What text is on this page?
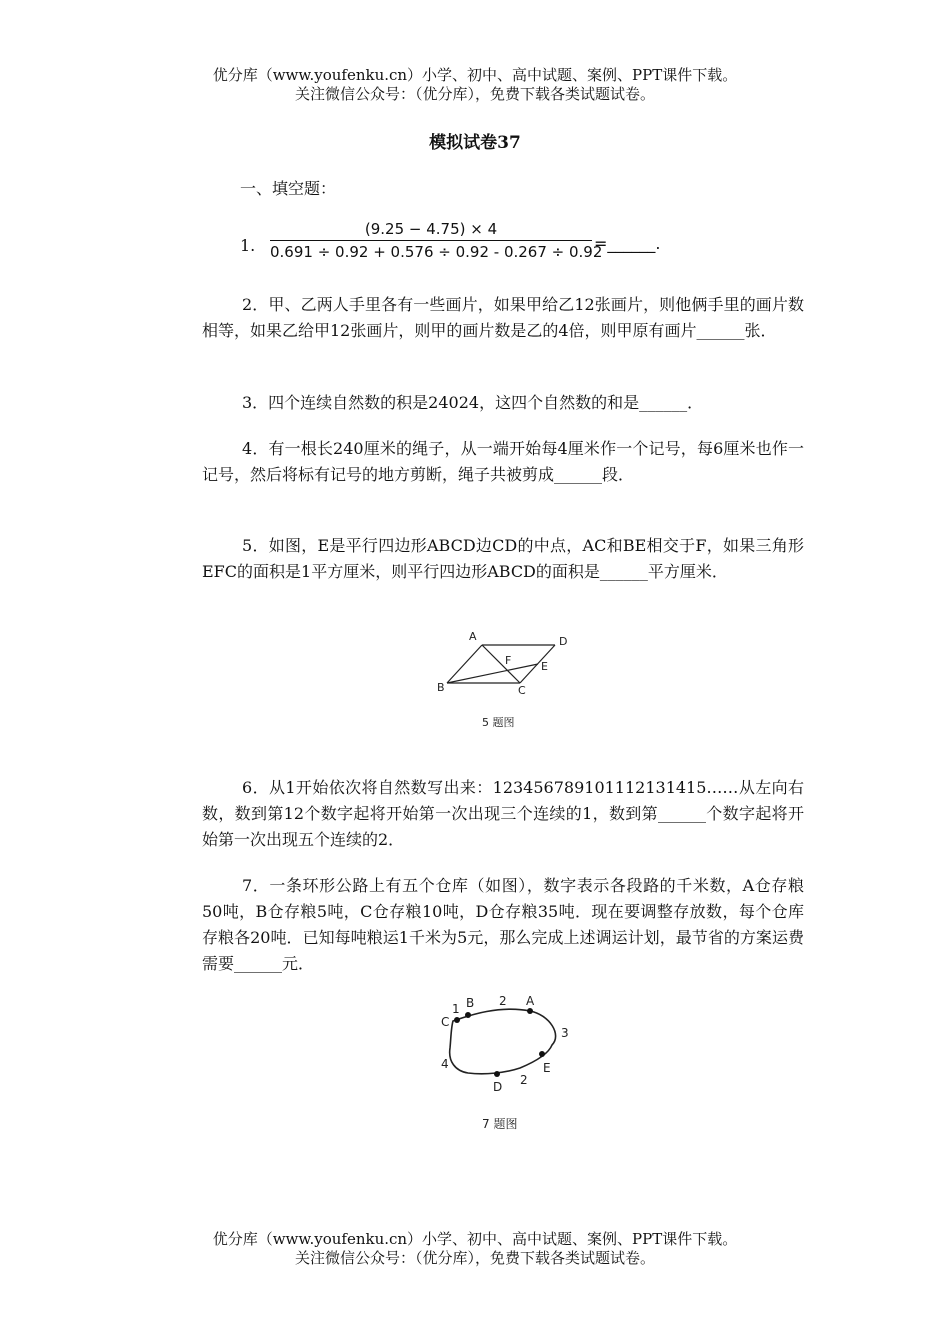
优分库（www.youfenku.cn）小学、初中、高中试题、案例、PPT课件下载。
关注微信公众号：（优分库），免费下载各类试题试卷。
模拟试卷37
一、填空题：
1.
(9.25 − 4.75) × 4
0.691 ÷ 0.92 + 0.576 ÷ 0.92 - 0.267 ÷ 0.92
=______.

2．甲、乙两人手里各有一些画片，如果甲给乙12张画片，则他俩手里的画片数相等，如果乙给甲12张画片，则甲的画片数是乙的4倍，则甲原有画片______张．

3．四个连续自然数的积是24024，这四个自然数的和是______．

4．有一根长240厘米的绳子，从一端开始每4厘米作一个记号，每6厘米也作一记号，然后将标有记号的地方剪断，绳子共被剪成______段．

5．如图，E是平行四边形ABCD边CD的中点，AC和BE相交于F，如果三角形EFC的面积是1平方厘米，则平行四边形ABCD的面积是______平方厘米．

A	D
F	E
B	C
5 题图

6．从1开始依次将自然数写出来：123456789101112131415……从左向右数，数到第12个数字起将开始第一次出现三个连续的1，数到第______个数字起将开始第一次出现五个连续的2．

7．一条环形公路上有五个仓库（如图），数字表示各段路的千米数，A仓存粮50吨，B仓存粮5吨，C仓存粮10吨，D仓存粮35吨．现在要调整存放数，每个仓库存粮各20吨．已知每吨粮运1千米为5元，那么完成上述调运计划，最节省的方案运费需要______元．

C
B	A
E
D
1
2
3
2
4
7 题图
优分库（www.youfenku.cn）小学、初中、高中试题、案例、PPT课件下载。
关注微信公众号：（优分库），免费下载各类试题试卷。
